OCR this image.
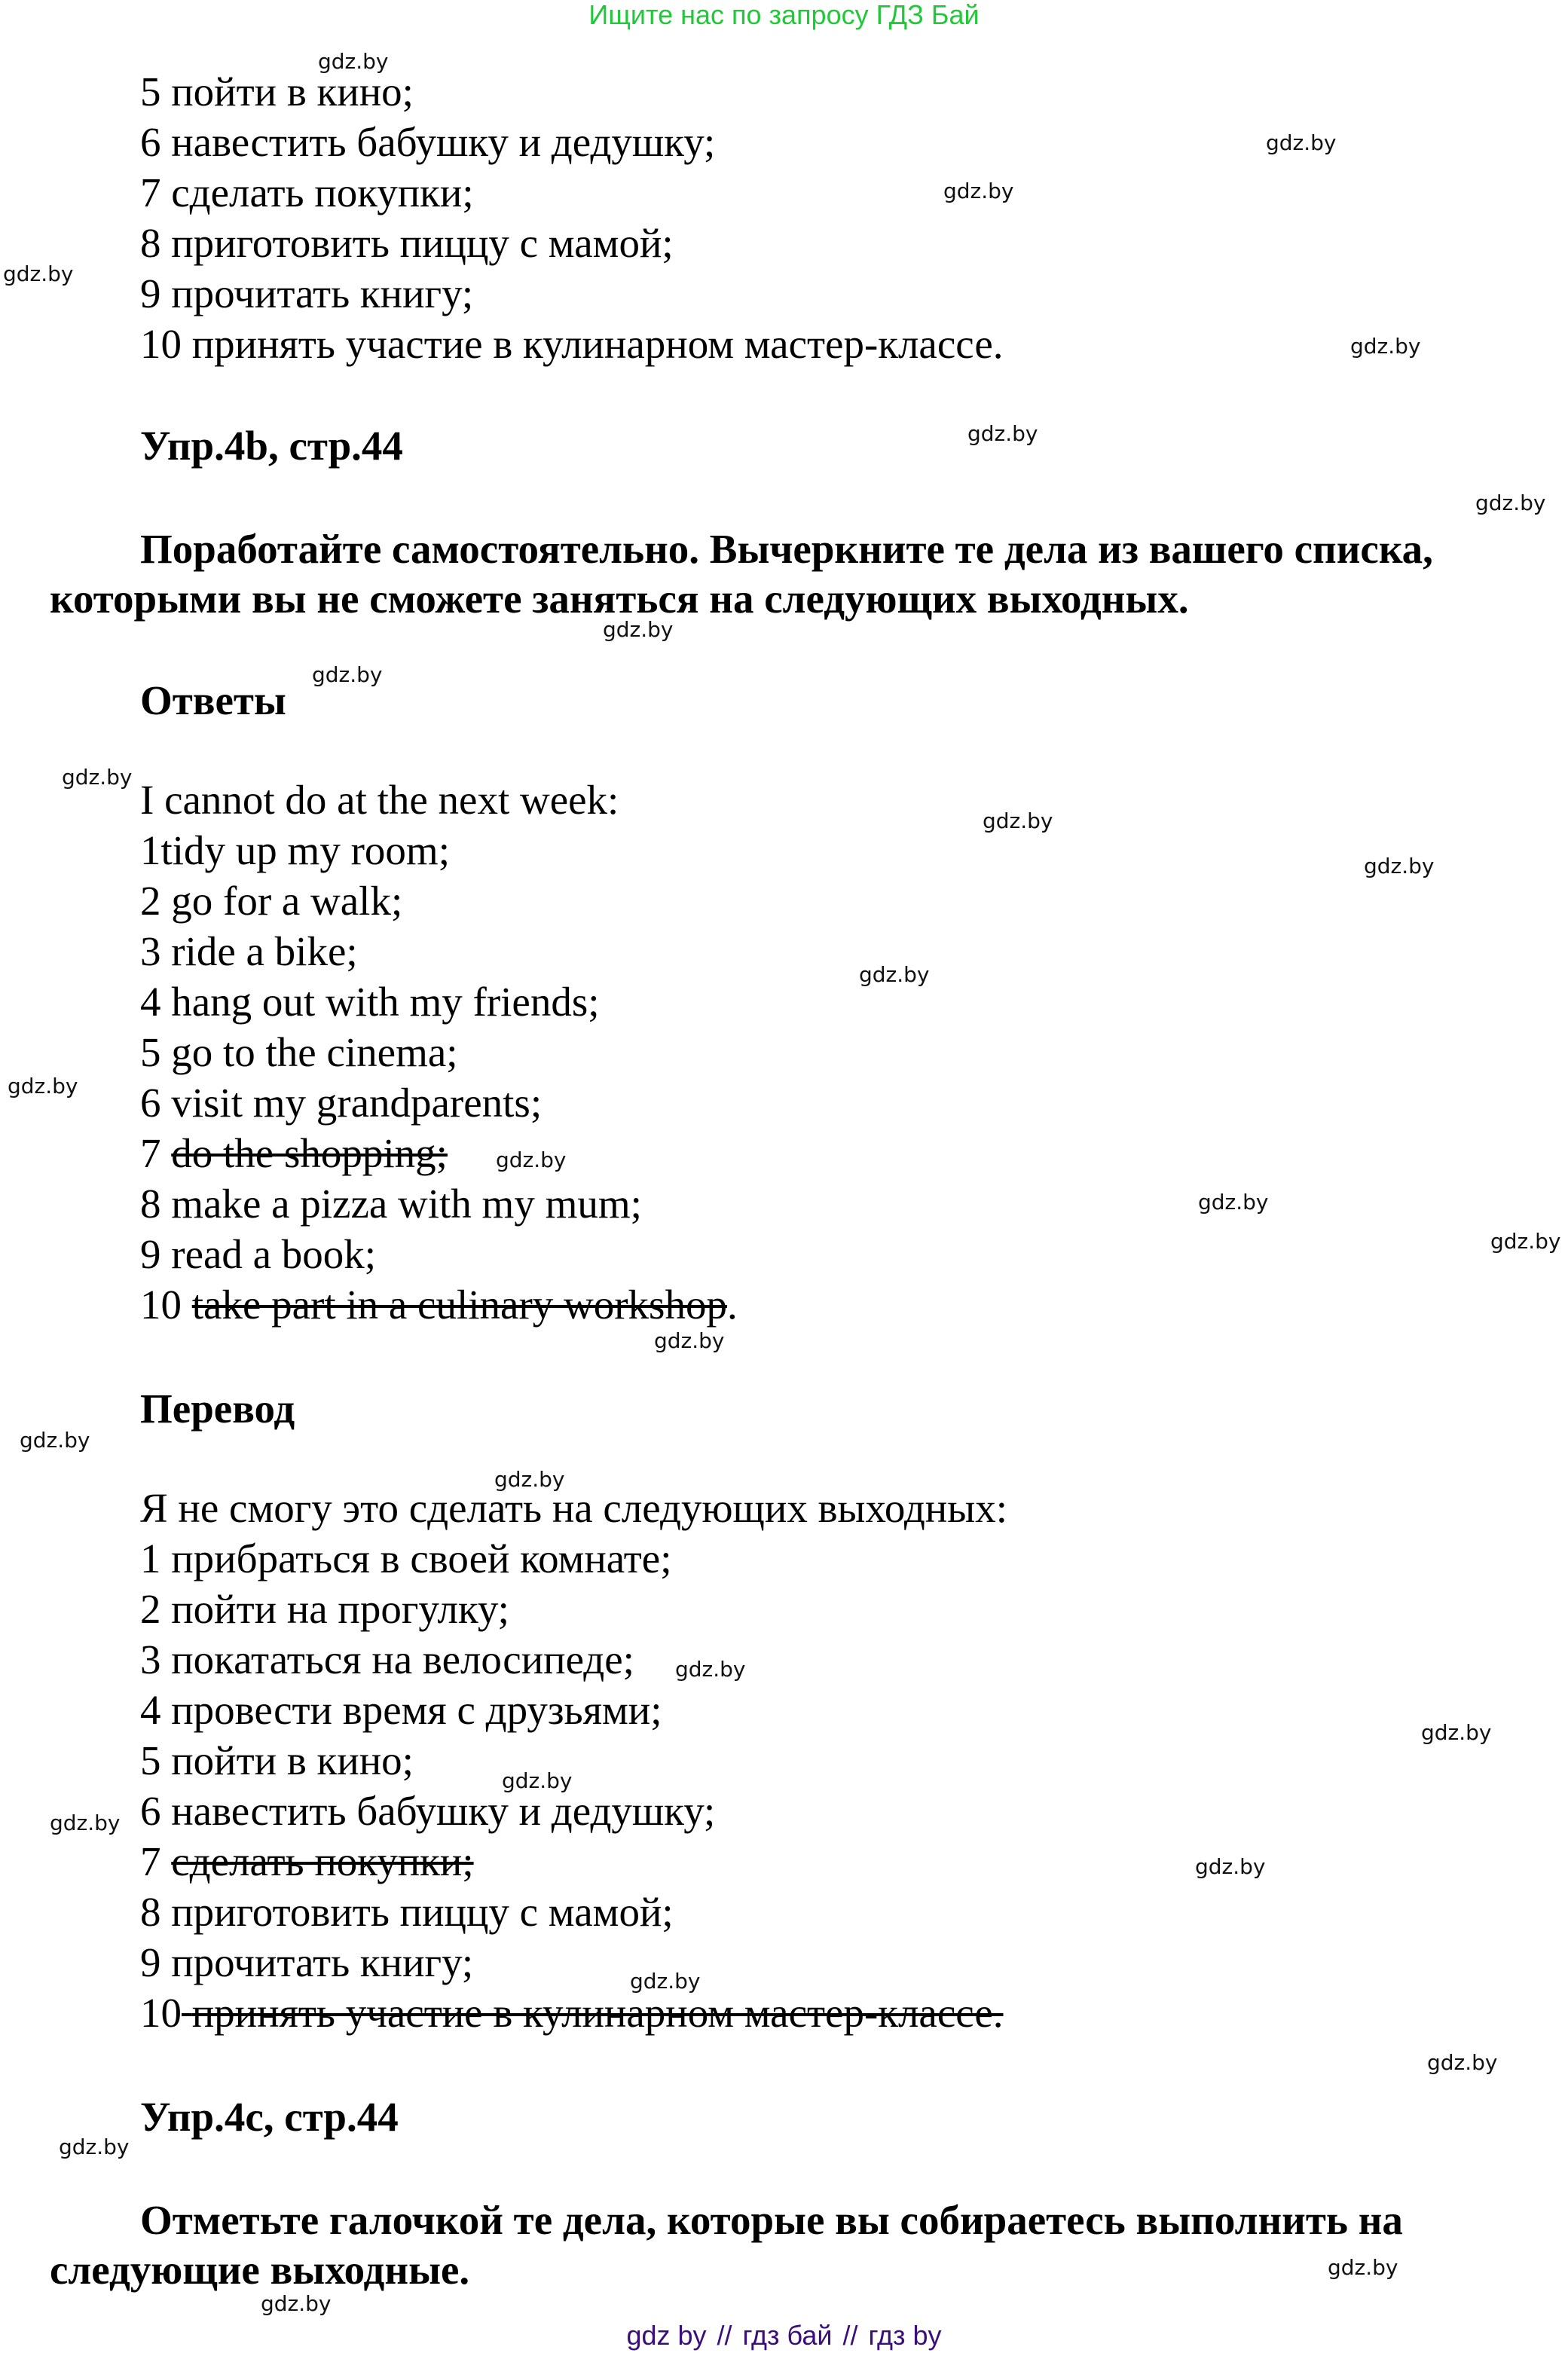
Ищите нас по запросу ГДЗ Бай
5 пойти в кино;
6 навестить бабушку и дедушку;
7 сделать покупки;
8 приготовить пиццу с мамой;
9 прочитать книгу;
10 принять участие в кулинарном мастер-классе.
Упр.4b, стр.44
Поработайте самостоятельно. Вычеркните те дела из вашего списка,
которыми вы не сможете заняться на следующих выходных.
Ответы
I cannot do at the next week:
1tidy up my room;
2 go for a walk;
3 ride a bike;
4 hang out with my friends;
5 go to the cinema;
6 visit my grandparents;
7 do the shopping;
8 make a pizza with my mum;
9 read a book;
10 take part in a culinary workshop.
Перевод
Я не смогу это сделать на следующих выходных:
1 прибраться в своей комнате;
2 пойти на прогулку;
3 покататься на велосипеде;
4 провести время с друзьями;
5 пойти в кино;
6 навестить бабушку и дедушку;
7 сделать покупки;
8 приготовить пиццу с мамой;
9 прочитать книгу;
10 принять участие в кулинарном мастер-классе.
Упр.4с, стр.44
Отметьте галочкой те дела, которые вы собираетесь выполнить на
следующие выходные.
gdz.by
gdz.by
gdz.by
gdz.by
gdz.by
gdz.by
gdz.by
gdz.by
gdz.by
gdz.by
gdz.by
gdz.by
gdz.by
gdz.by
gdz.by
gdz.by
gdz.by
gdz.by
gdz.by
gdz.by
gdz.by
gdz.by
gdz.by
gdz.by
gdz.by
gdz.by
gdz.by
gdz.by
gdz.by
gdz.by
gdz by // гдз бай // гдз by
